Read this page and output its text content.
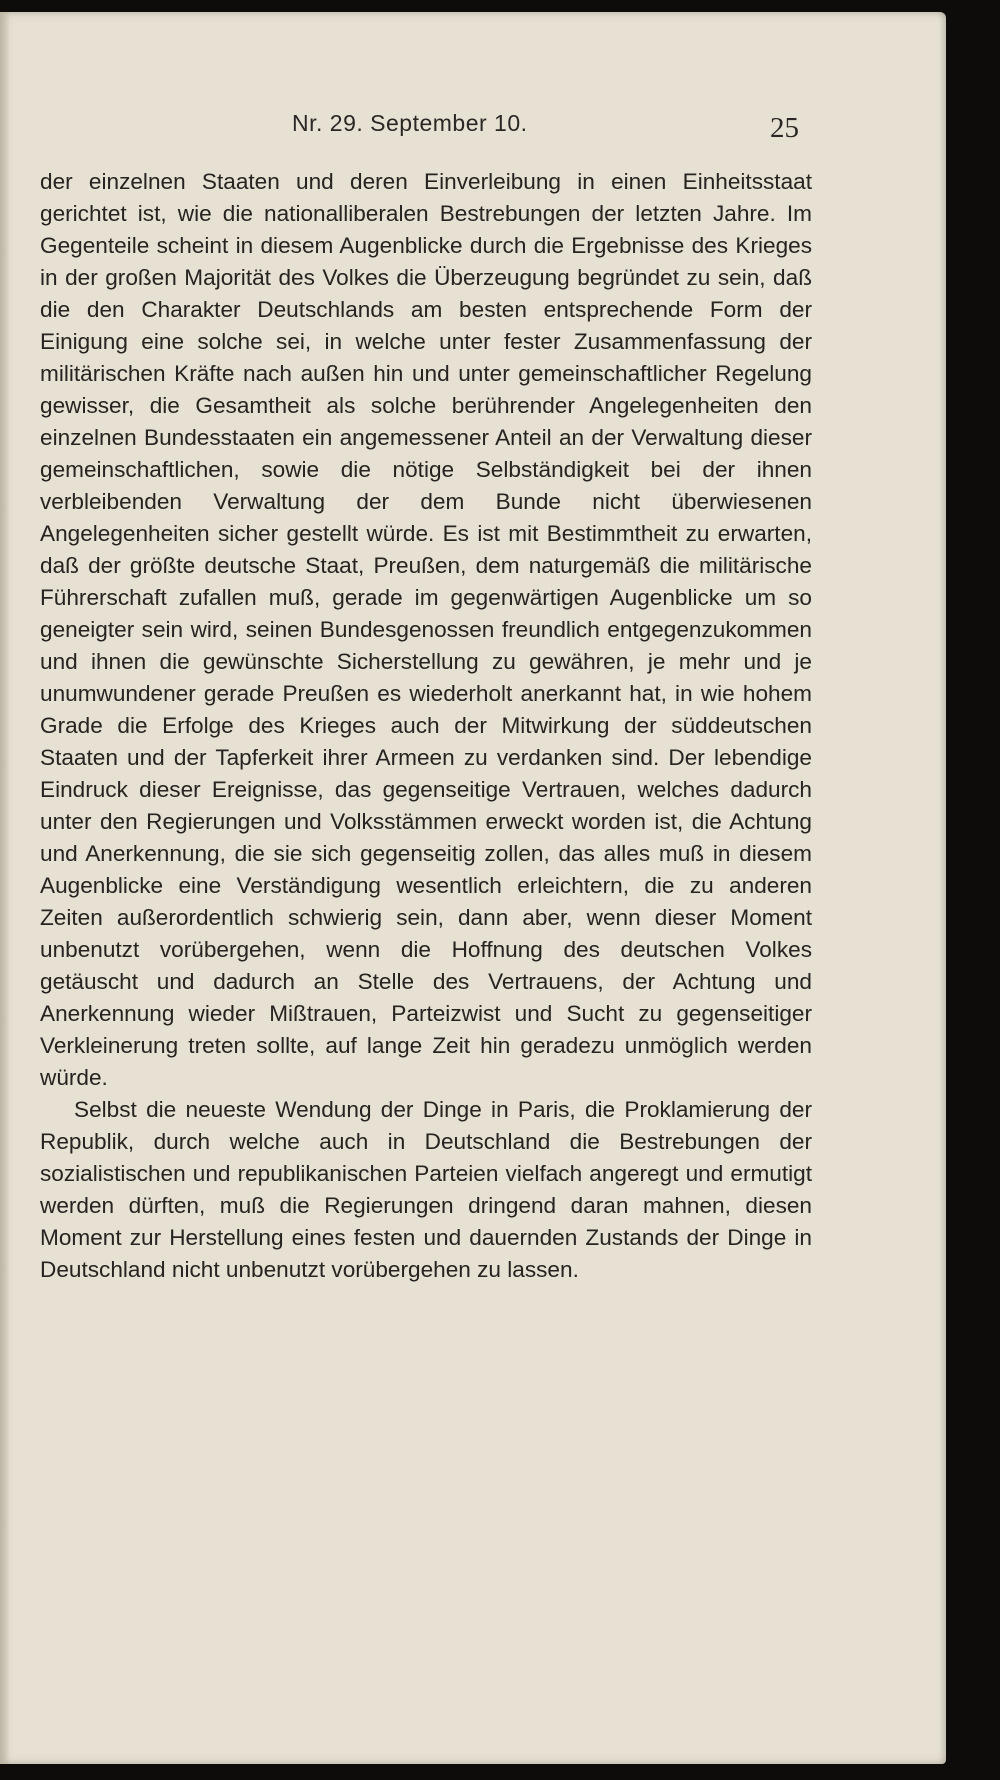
Nr. 29. September 10.	25

der einzelnen Staaten und deren Einverleibung in einen Einheitsstaat gerichtet ist, wie die nationalliberalen Bestrebungen der letzten Jahre. Im Gegenteile scheint in diesem Augenblicke durch die Ergebnisse des Krieges in der großen Majorität des Volkes die Überzeugung begründet zu sein, daß die den Charakter Deutschlands am besten entsprechende Form der Einigung eine solche sei, in welche unter fester Zusammenfassung der militärischen Kräfte nach außen hin und unter gemeinschaftlicher Regelung gewisser, die Gesamtheit als solche berührender Angelegenheiten den einzelnen Bundesstaaten ein angemessener Anteil an der Verwaltung dieser gemeinschaftlichen, sowie die nötige Selbständigkeit bei der ihnen verbleibenden Verwaltung der dem Bunde nicht überwiesenen Angelegenheiten sicher gestellt würde. Es ist mit Bestimmtheit zu erwarten, daß der größte deutsche Staat, Preußen, dem naturgemäß die militärische Führerschaft zufallen muß, gerade im gegenwärtigen Augenblicke um so geneigter sein wird, seinen Bundesgenossen freundlich entgegenzukommen und ihnen die gewünschte Sicherstellung zu gewähren, je mehr und je unumwundener gerade Preußen es wiederholt anerkannt hat, in wie hohem Grade die Erfolge des Krieges auch der Mitwirkung der süddeutschen Staaten und der Tapferkeit ihrer Armeen zu verdanken sind. Der lebendige Eindruck dieser Ereignisse, das gegenseitige Vertrauen, welches dadurch unter den Regierungen und Volksstämmen erweckt worden ist, die Achtung und Anerkennung, die sie sich gegenseitig zollen, das alles muß in diesem Augenblicke eine Verständigung wesentlich erleichtern, die zu anderen Zeiten außerordentlich schwierig sein, dann aber, wenn dieser Moment unbenutzt vorübergehen, wenn die Hoffnung des deutschen Volkes getäuscht und dadurch an Stelle des Vertrauens, der Achtung und Anerkennung wieder Mißtrauen, Parteizwist und Sucht zu gegenseitiger Verkleinerung treten sollte, auf lange Zeit hin geradezu unmöglich werden würde.

Selbst die neueste Wendung der Dinge in Paris, die Proklamierung der Republik, durch welche auch in Deutschland die Bestrebungen der sozialistischen und republikanischen Parteien vielfach angeregt und ermutigt werden dürften, muß die Regierungen dringend daran mahnen, diesen Moment zur Herstellung eines festen und dauernden Zustands der Dinge in Deutschland nicht unbenutzt vorübergehen zu lassen.
